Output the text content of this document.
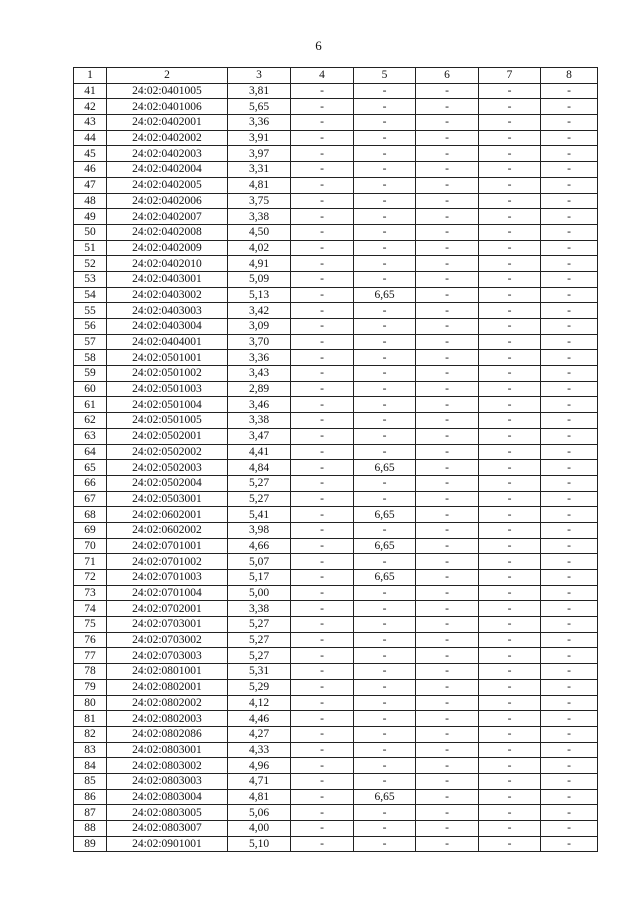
6
1	2	3	4	5	6	7	8
41	24:02:0401005	3,81	-	-	-	-	-
42	24:02:0401006	5,65	-	-	-	-	-
43	24:02:0402001	3,36	-	-	-	-	-
44	24:02:0402002	3,91	-	-	-	-	-
45	24:02:0402003	3,97	-	-	-	-	-
46	24:02:0402004	3,31	-	-	-	-	-
47	24:02:0402005	4,81	-	-	-	-	-
48	24:02:0402006	3,75	-	-	-	-	-
49	24:02:0402007	3,38	-	-	-	-	-
50	24:02:0402008	4,50	-	-	-	-	-
51	24:02:0402009	4,02	-	-	-	-	-
52	24:02:0402010	4,91	-	-	-	-	-
53	24:02:0403001	5,09	-	-	-	-	-
54	24:02:0403002	5,13	-	6,65	-	-	-
55	24:02:0403003	3,42	-	-	-	-	-
56	24:02:0403004	3,09	-	-	-	-	-
57	24:02:0404001	3,70	-	-	-	-	-
58	24:02:0501001	3,36	-	-	-	-	-
59	24:02:0501002	3,43	-	-	-	-	-
60	24:02:0501003	2,89	-	-	-	-	-
61	24:02:0501004	3,46	-	-	-	-	-
62	24:02:0501005	3,38	-	-	-	-	-
63	24:02:0502001	3,47	-	-	-	-	-
64	24:02:0502002	4,41	-	-	-	-	-
65	24:02:0502003	4,84	-	6,65	-	-	-
66	24:02:0502004	5,27	-	-	-	-	-
67	24:02:0503001	5,27	-	-	-	-	-
68	24:02:0602001	5,41	-	6,65	-	-	-
69	24:02:0602002	3,98	-	-	-	-	-
70	24:02:0701001	4,66	-	6,65	-	-	-
71	24:02:0701002	5,07	-	-	-	-	-
72	24:02:0701003	5,17	-	6,65	-	-	-
73	24:02:0701004	5,00	-	-	-	-	-
74	24:02:0702001	3,38	-	-	-	-	-
75	24:02:0703001	5,27	-	-	-	-	-
76	24:02:0703002	5,27	-	-	-	-	-
77	24:02:0703003	5,27	-	-	-	-	-
78	24:02:0801001	5,31	-	-	-	-	-
79	24:02:0802001	5,29	-	-	-	-	-
80	24:02:0802002	4,12	-	-	-	-	-
81	24:02:0802003	4,46	-	-	-	-	-
82	24:02:0802086	4,27	-	-	-	-	-
83	24:02:0803001	4,33	-	-	-	-	-
84	24:02:0803002	4,96	-	-	-	-	-
85	24:02:0803003	4,71	-	-	-	-	-
86	24:02:0803004	4,81	-	6,65	-	-	-
87	24:02:0803005	5,06	-	-	-	-	-
88	24:02:0803007	4,00	-	-	-	-	-
89	24:02:0901001	5,10	-	-	-	-	-
